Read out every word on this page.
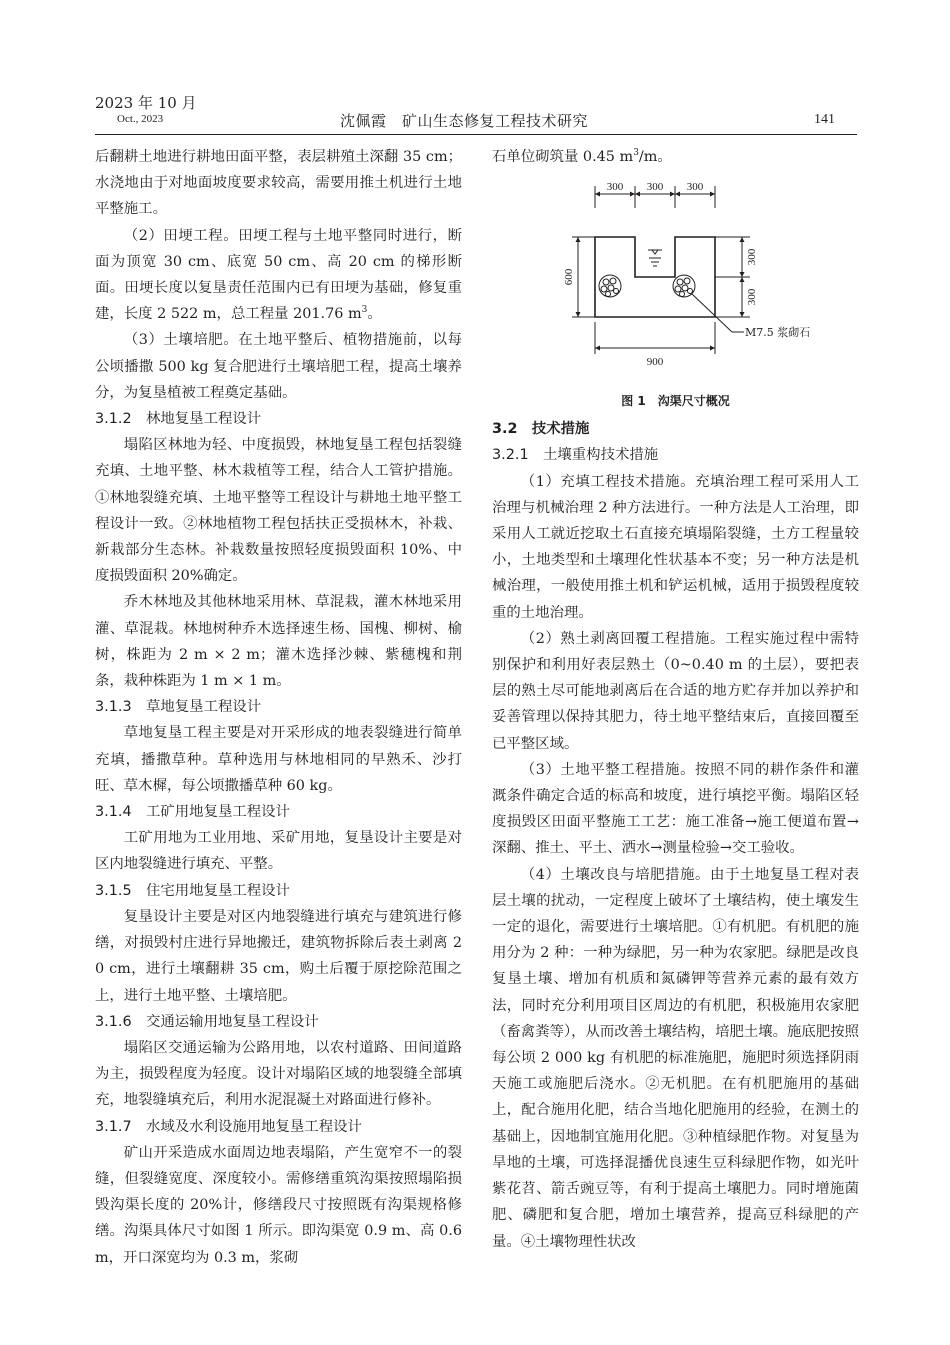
2023 年 10 月
Oct., 2023	沈佩霞　矿山生态修复工程技术研究	141

后翻耕土地进行耕地田面平整，表层耕殖土深翻 35 cm；水浇地由于对地面坡度要求较高，需要用推土机进行土地平整施工。

（2）田埂工程。田埂工程与土地平整同时进行，断面为顶宽 30 cm、底宽 50 cm、高 20 cm 的梯形断面。田埂长度以复垦责任范围内已有田埂为基础，修复重建，长度 2 522 m，总工程量 201.76 $m^3$。

（3）土壤培肥。在土地平整后、植物措施前，以每公顷播撒 500 kg 复合肥进行土壤培肥工程，提高土壤养分，为复垦植被工程奠定基础。

3.1.2　林地复垦工程设计

塌陷区林地为轻、中度损毁，林地复垦工程包括裂缝充填、土地平整、林木栽植等工程，结合人工管护措施。①林地裂缝充填、土地平整等工程设计与耕地土地平整工程设计一致。②林地植物工程包括扶正受损林木，补栽、新栽部分生态林。补栽数量按照轻度损毁面积 10%、中度损毁面积 20%确定。

乔木林地及其他林地采用林、草混栽，灌木林地采用灌、草混栽。林地树种乔木选择速生杨、国槐、柳树、榆树，株距为 2 m × 2 m；灌木选择沙棘、紫穗槐和荆条，栽种株距为 1 m × 1 m。

3.1.3　草地复垦工程设计

草地复垦工程主要是对开采形成的地表裂缝进行简单充填，播撒草种。草种选用与林地相同的早熟禾、沙打旺、草木樨，每公顷撒播草种 60 kg。

3.1.4　工矿用地复垦工程设计

工矿用地为工业用地、采矿用地，复垦设计主要是对区内地裂缝进行填充、平整。

3.1.5　住宅用地复垦工程设计

复垦设计主要是对区内地裂缝进行填充与建筑进行修缮，对损毁村庄进行异地搬迁，建筑物拆除后表土剥离 20 cm，进行土壤翻耕 35 cm，购土后覆于原挖除范围之上，进行土地平整、土壤培肥。

3.1.6　交通运输用地复垦工程设计

塌陷区交通运输为公路用地，以农村道路、田间道路为主，损毁程度为轻度。设计对塌陷区域的地裂缝全部填充，地裂缝填充后，利用水泥混凝土对路面进行修补。

3.1.7　水域及水利设施用地复垦工程设计

矿山开采造成水面周边地表塌陷，产生宽窄不一的裂缝，但裂缝宽度、深度较小。需修缮重筑沟渠按照塌陷损毁沟渠长度的 20%计，修缮段尺寸按照既有沟渠规格修缮。沟渠具体尺寸如图 1 所示。即沟渠宽 0.9 m、高 0.6 m，开口深宽均为 0.3 m，浆砌

石单位砌筑量 0.45 $m^3/m$。

300 300 300
600
300
300
900
M7.5 浆砌石
图 1　沟渠尺寸概况

3.2　技术措施

3.2.1　土壤重构技术措施

（1）充填工程技术措施。充填治理工程可采用人工治理与机械治理 2 种方法进行。一种方法是人工治理，即采用人工就近挖取土石直接充填塌陷裂缝，土方工程量较小，土地类型和土壤理化性状基本不变；另一种方法是机械治理，一般使用推土机和铲运机械，适用于损毁程度较重的土地治理。

（2）熟土剥离回覆工程措施。工程实施过程中需特别保护和利用好表层熟土（0~0.40 m 的土层），要把表层的熟土尽可能地剥离后在合适的地方贮存并加以养护和妥善管理以保持其肥力，待土地平整结束后，直接回覆至已平整区域。

（3）土地平整工程措施。按照不同的耕作条件和灌溉条件确定合适的标高和坡度，进行填挖平衡。塌陷区轻度损毁区田面平整施工工艺：施工准备→施工便道布置→深翻、推土、平土、洒水→测量检验→交工验收。

（4）土壤改良与培肥措施。由于土地复垦工程对表层土壤的扰动，一定程度上破坏了土壤结构，使土壤发生一定的退化，需要进行土壤培肥。①有机肥。有机肥的施用分为 2 种：一种为绿肥，另一种为农家肥。绿肥是改良复垦土壤、增加有机质和氮磷钾等营养元素的最有效方法，同时充分利用项目区周边的有机肥，积极施用农家肥（畜禽粪等），从而改善土壤结构，培肥土壤。施底肥按照每公顷 2 000 kg 有机肥的标准施肥，施肥时须选择阴雨天施工或施肥后浇水。②无机肥。在有机肥施用的基础上，配合施用化肥，结合当地化肥施用的经验，在测土的基础上，因地制宜施用化肥。③种植绿肥作物。对复垦为旱地的土壤，可选择混播优良速生豆科绿肥作物，如光叶紫花苕、箭舌豌豆等，有利于提高土壤肥力。同时增施菌肥、磷肥和复合肥，增加土壤营养，提高豆科绿肥的产量。④土壤物理性状改
